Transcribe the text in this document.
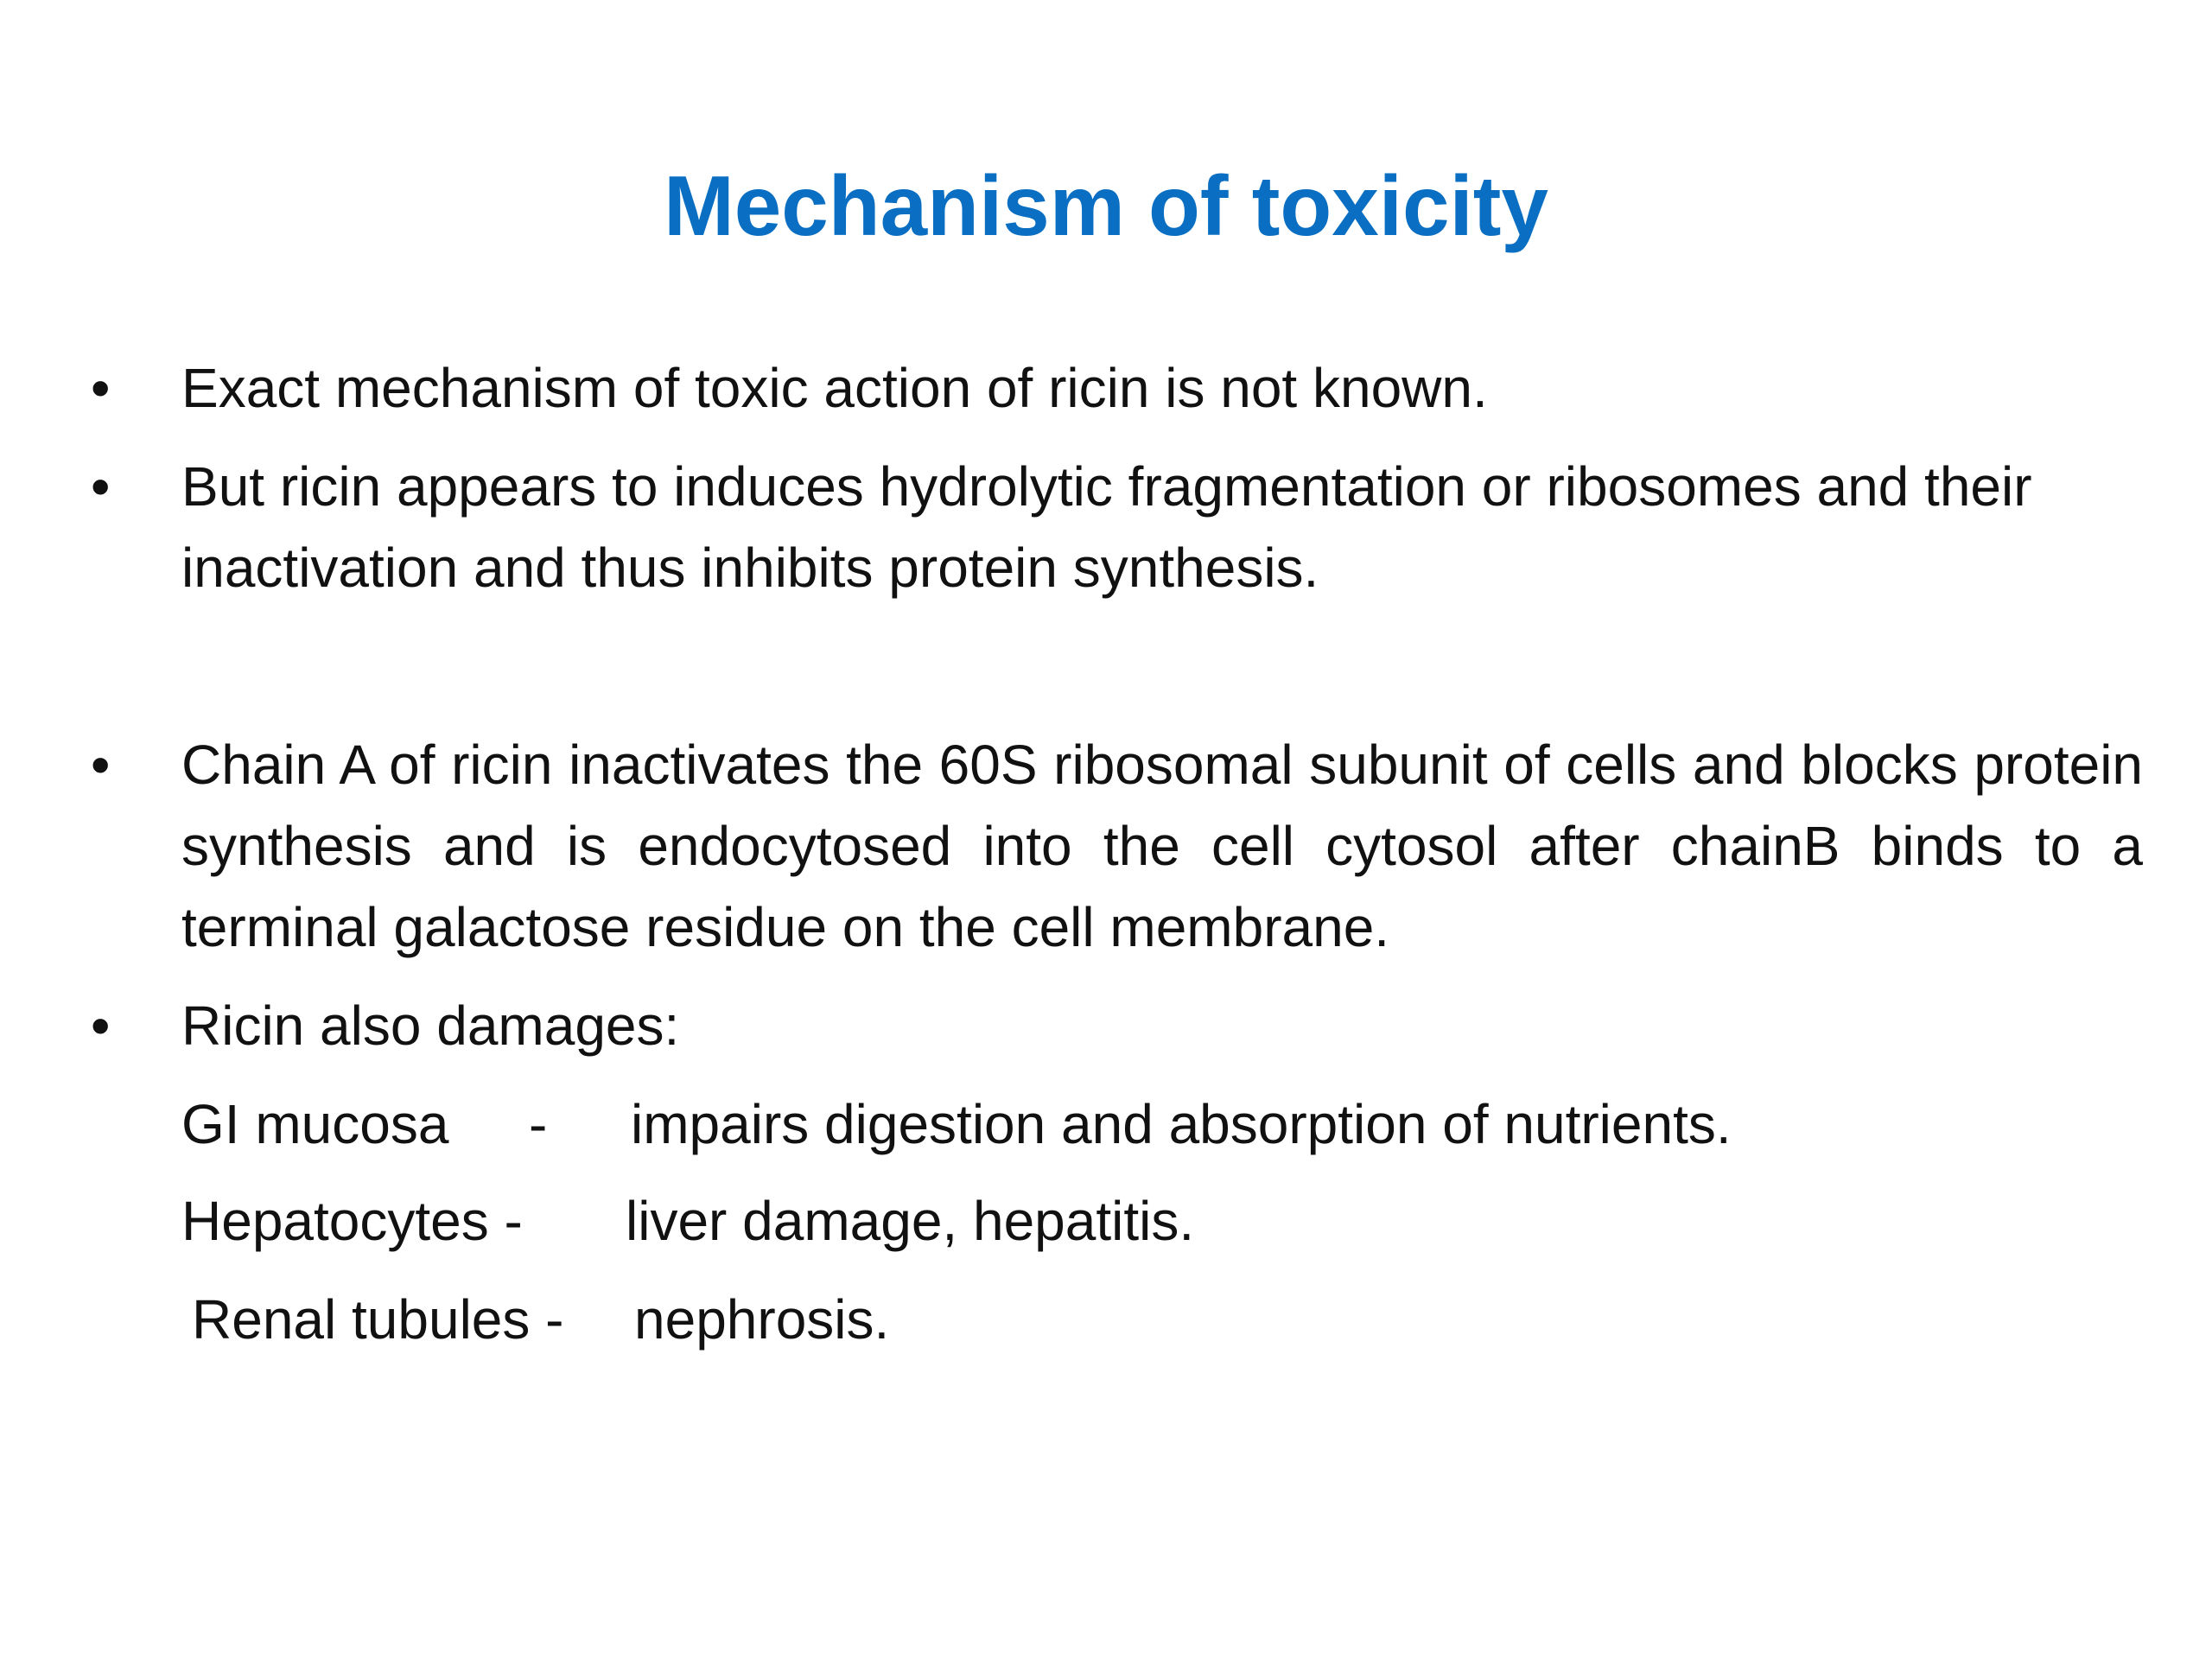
Mechanism of toxicity
• Exact mechanism of toxic action of ricin is not known.
• But ricin appears to induces hydrolytic fragmentation or ribosomes and their inactivation and thus inhibits protein synthesis.
• Chain A of ricin inactivates the 60S ribosomal subunit of cells and blocks protein synthesis and is endocytosed into the cell cytosol after chainB binds to a terminal galactose residue on the cell membrane.
• Ricin also damages:
GI mucosa - impairs digestion and absorption of nutrients.
Hepatocytes - liver damage, hepatitis.
Renal tubules - nephrosis.
